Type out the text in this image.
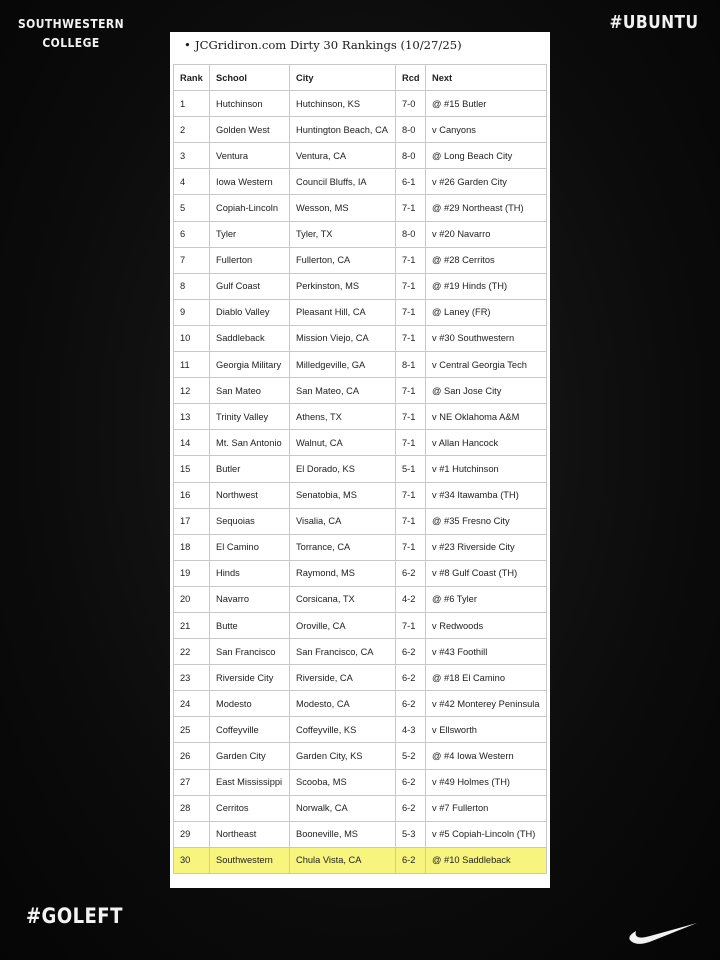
SOUTHWESTERN
COLLEGE
#UBUNTU
#GOLEFT
• JCGridiron.com Dirty 30 Rankings (10/27/25)
Rank	School	City	Rcd	Next
1	Hutchinson	Hutchinson, KS	7-0	@ #15 Butler
2	Golden West	Huntington Beach, CA	8-0	v Canyons
3	Ventura	Ventura, CA	8-0	@ Long Beach City
4	Iowa Western	Council Bluffs, IA	6-1	v #26 Garden City
5	Copiah-Lincoln	Wesson, MS	7-1	@ #29 Northeast (TH)
6	Tyler	Tyler, TX	8-0	v #20 Navarro
7	Fullerton	Fullerton, CA	7-1	@ #28 Cerritos
8	Gulf Coast	Perkinston, MS	7-1	@ #19 Hinds (TH)
9	Diablo Valley	Pleasant Hill, CA	7-1	@ Laney (FR)
10	Saddleback	Mission Viejo, CA	7-1	v #30 Southwestern
11	Georgia Military	Milledgeville, GA	8-1	v Central Georgia Tech
12	San Mateo	San Mateo, CA	7-1	@ San Jose City
13	Trinity Valley	Athens, TX	7-1	v NE Oklahoma A&M
14	Mt. San Antonio	Walnut, CA	7-1	v Allan Hancock
15	Butler	El Dorado, KS	5-1	v #1 Hutchinson
16	Northwest	Senatobia, MS	7-1	v #34 Itawamba (TH)
17	Sequoias	Visalia, CA	7-1	@ #35 Fresno City
18	El Camino	Torrance, CA	7-1	v #23 Riverside City
19	Hinds	Raymond, MS	6-2	v #8 Gulf Coast (TH)
20	Navarro	Corsicana, TX	4-2	@ #6 Tyler
21	Butte	Oroville, CA	7-1	v Redwoods
22	San Francisco	San Francisco, CA	6-2	v #43 Foothill
23	Riverside City	Riverside, CA	6-2	@ #18 El Camino
24	Modesto	Modesto, CA	6-2	v #42 Monterey Peninsula
25	Coffeyville	Coffeyville, KS	4-3	v Ellsworth
26	Garden City	Garden City, KS	5-2	@ #4 Iowa Western
27	East Mississippi	Scooba, MS	6-2	v #49 Holmes (TH)
28	Cerritos	Norwalk, CA	6-2	v #7 Fullerton
29	Northeast	Booneville, MS	5-3	v #5 Copiah-Lincoln (TH)
30	Southwestern	Chula Vista, CA	6-2	@ #10 Saddleback
